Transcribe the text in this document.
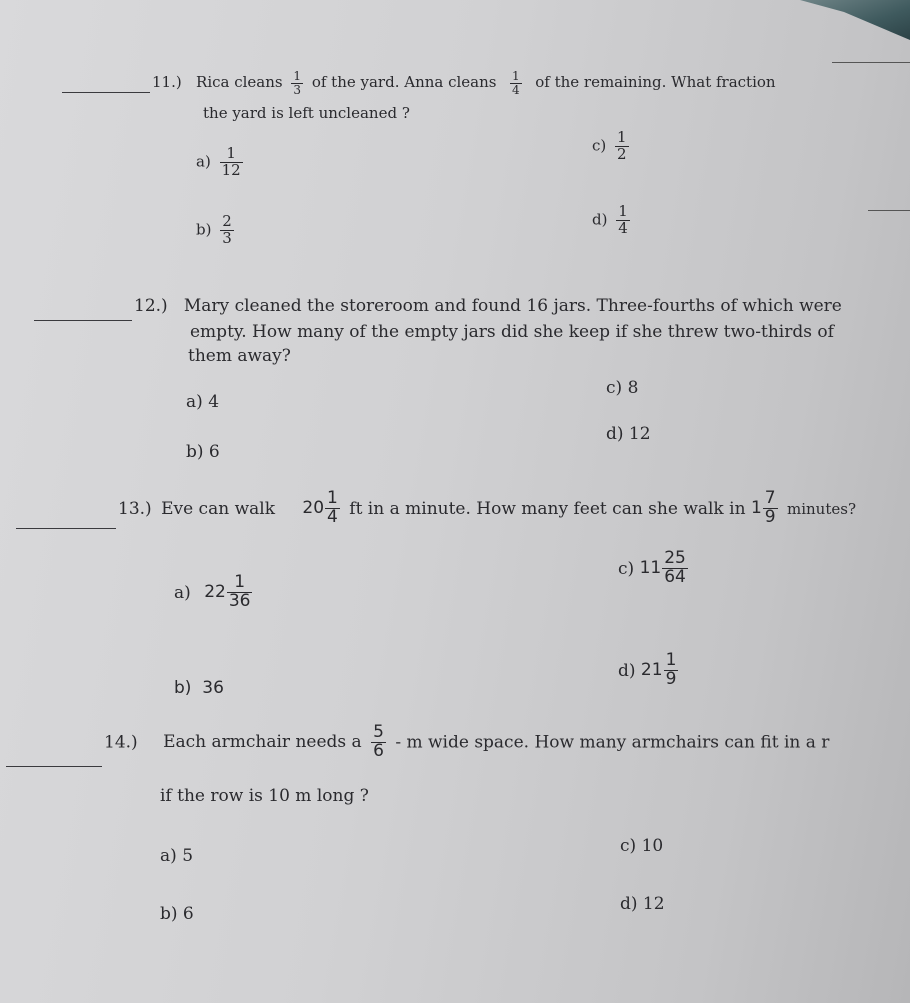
11.) Rica cleans $\frac{1}{3}$ of the yard. Anna cleans $\frac{1}{4}$ of the remaining. What fraction
the yard is left uncleaned ?
$a) \frac{1}{12}$
$b) \frac{2}{3}$
$c) \frac{1}{2}$
$d) \frac{1}{4}$
12.) Mary cleaned the storeroom and found 16 jars. Three-fourths of which were
empty. How many of the empty jars did she keep if she threw two-thirds of
them away?
a) 4
b) 6
c) 8
d) 12
13.) Eve can walk $20 \frac{1}{4}$ ft in a minute. How many feet can she walk in $1 \frac{7}{9}$ minutes?
a) $22 \frac{1}{36}$
b) 36
c) $11 \frac{25}{64}$
d) $21 \frac{1}{9}$
14.) Each armchair needs a $\frac{5}{6}$ - m wide space. How many armchairs can fit in a r
if the row is 10 m long ?
a) 5
b) 6
c) 10
d) 12
